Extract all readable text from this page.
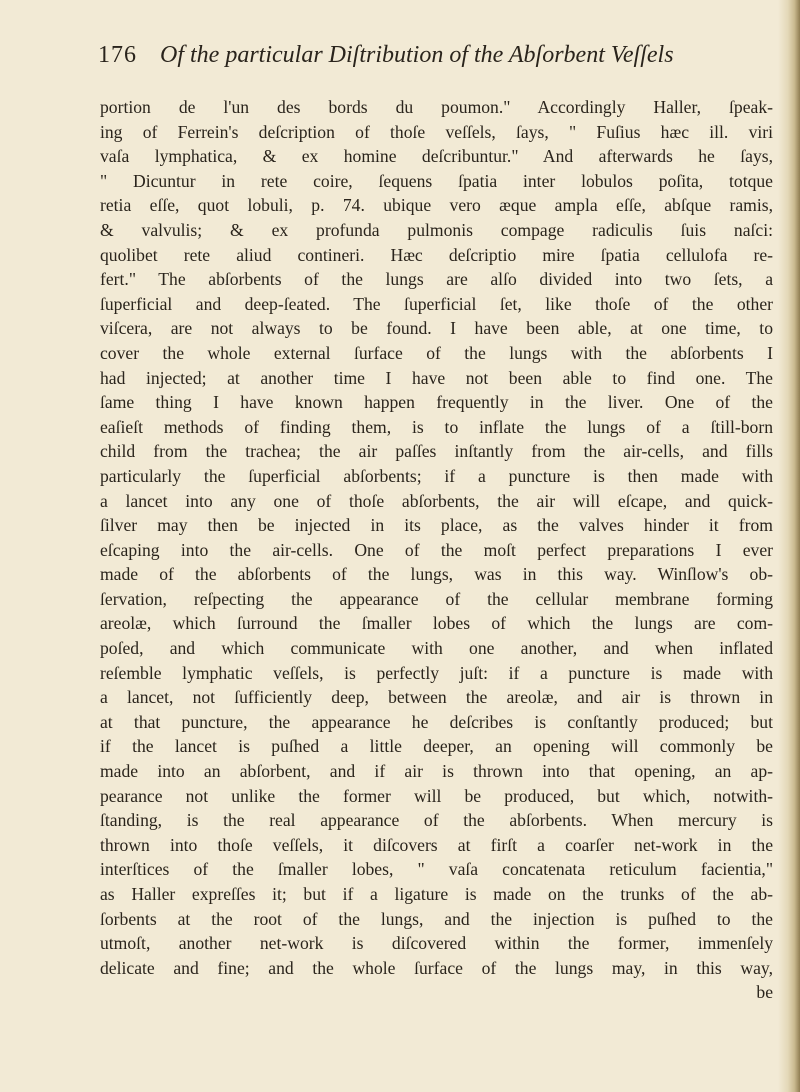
176 Of the particular Diſtribution of the Abſorbent Veſſels
portion de l'un des bords du poumon." Accordingly Haller, ſpeak-
ing of Ferrein's deſcription of thoſe veſſels, ſays, " Fuſius hæc ill. viri
vaſa lymphatica, & ex homine deſcribuntur." And afterwards he ſays,
" Dicuntur in rete coire, ſequens ſpatia inter lobulos poſita, totque
retia eſſe, quot lobuli, p. 74. ubique vero æque ampla eſſe, abſque ramis,
& valvulis; & ex profunda pulmonis compage radiculis ſuis naſci:
quolibet rete aliud contineri. Hæc deſcriptio mire ſpatia cellulofa re-
fert." The abſorbents of the lungs are alſo divided into two ſets, a
ſuperficial and deep-ſeated. The ſuperficial ſet, like thoſe of the other
viſcera, are not always to be found. I have been able, at one time, to
cover the whole external ſurface of the lungs with the abſorbents I
had injected; at another time I have not been able to find one. The
ſame thing I have known happen frequently in the liver. One of the
eaſieſt methods of finding them, is to inflate the lungs of a ſtill-born
child from the trachea; the air paſſes inſtantly from the air-cells, and fills
particularly the ſuperficial abſorbents; if a puncture is then made with
a lancet into any one of thoſe abſorbents, the air will eſcape, and quick-
ſilver may then be injected in its place, as the valves hinder it from
eſcaping into the air-cells. One of the moſt perfect preparations I ever
made of the abſorbents of the lungs, was in this way. Winſlow's ob-
ſervation, reſpecting the appearance of the cellular membrane forming
areolæ, which ſurround the ſmaller lobes of which the lungs are com-
poſed, and which communicate with one another, and when inflated
reſemble lymphatic veſſels, is perfectly juſt: if a puncture is made with
a lancet, not ſufficiently deep, between the areolæ, and air is thrown in
at that puncture, the appearance he deſcribes is conſtantly produced; but
if the lancet is puſhed a little deeper, an opening will commonly be
made into an abſorbent, and if air is thrown into that opening, an ap-
pearance not unlike the former will be produced, but which, notwith-
ſtanding, is the real appearance of the abſorbents. When mercury is
thrown into thoſe veſſels, it diſcovers at firſt a coarſer net-work in the
interſtices of the ſmaller lobes, " vaſa concatenata reticulum facientia,"
as Haller expreſſes it; but if a ligature is made on the trunks of the ab-
ſorbents at the root of the lungs, and the injection is puſhed to the
utmoſt, another net-work is diſcovered within the former, immenſely
delicate and fine; and the whole ſurface of the lungs may, in this way,
be
